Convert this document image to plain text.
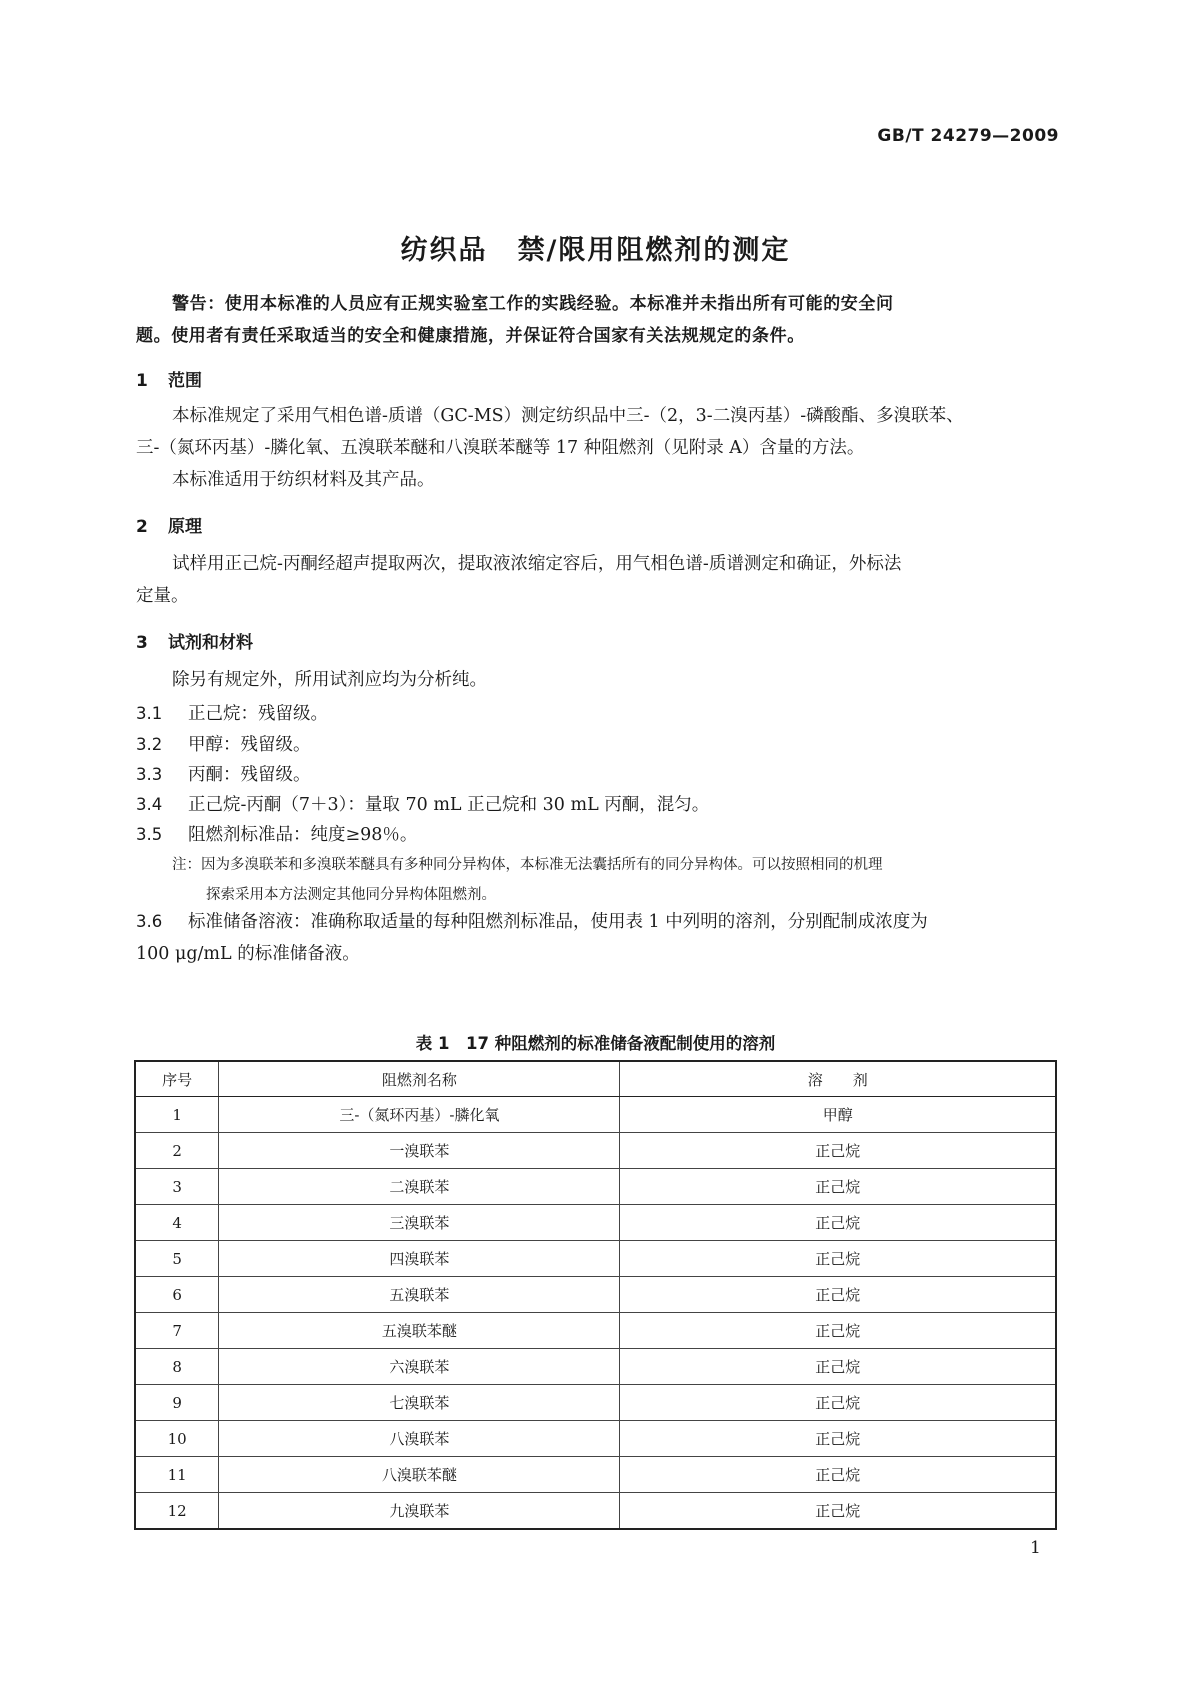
GB/T 24279—2009
纺织品 禁/限用阻燃剂的测定
警告：使用本标准的人员应有正规实验室工作的实践经验。本标准并未指出所有可能的安全问
题。使用者有责任采取适当的安全和健康措施，并保证符合国家有关法规规定的条件。
1 范围
本标准规定了采用气相色谱-质谱（GC-MS）测定纺织品中三-（2，3-二溴丙基）-磷酸酯、多溴联苯、
三-（氮环丙基）-膦化氧、五溴联苯醚和八溴联苯醚等 17 种阻燃剂（见附录 A）含量的方法。
本标准适用于纺织材料及其产品。
2 原理
试样用正己烷-丙酮经超声提取两次，提取液浓缩定容后，用气相色谱-质谱测定和确证，外标法
定量。
3 试剂和材料
除另有规定外，所用试剂应均为分析纯。
3.1 正己烷：残留级。
3.2 甲醇：残留级。
3.3 丙酮：残留级。
3.4 正己烷-丙酮（7＋3）：量取 70 mL 正己烷和 30 mL 丙酮，混匀。
3.5 阻燃剂标准品：纯度≥98％。
注：因为多溴联苯和多溴联苯醚具有多种同分异构体，本标准无法囊括所有的同分异构体。可以按照相同的机理
探索采用本方法测定其他同分异构体阻燃剂。
3.6 标准储备溶液：准确称取适量的每种阻燃剂标准品，使用表 1 中列明的溶剂，分别配制成浓度为
100 μg/mL 的标准储备液。
表 1　17 种阻燃剂的标准储备液配制使用的溶剂
序号	阻燃剂名称	溶　　剂
1	三-（氮环丙基）-膦化氧	甲醇
2	一溴联苯	正己烷
3	二溴联苯	正己烷
4	三溴联苯	正己烷
5	四溴联苯	正己烷
6	五溴联苯	正己烷
7	五溴联苯醚	正己烷
8	六溴联苯	正己烷
9	七溴联苯	正己烷
10	八溴联苯	正己烷
11	八溴联苯醚	正己烷
12	九溴联苯	正己烷
1
